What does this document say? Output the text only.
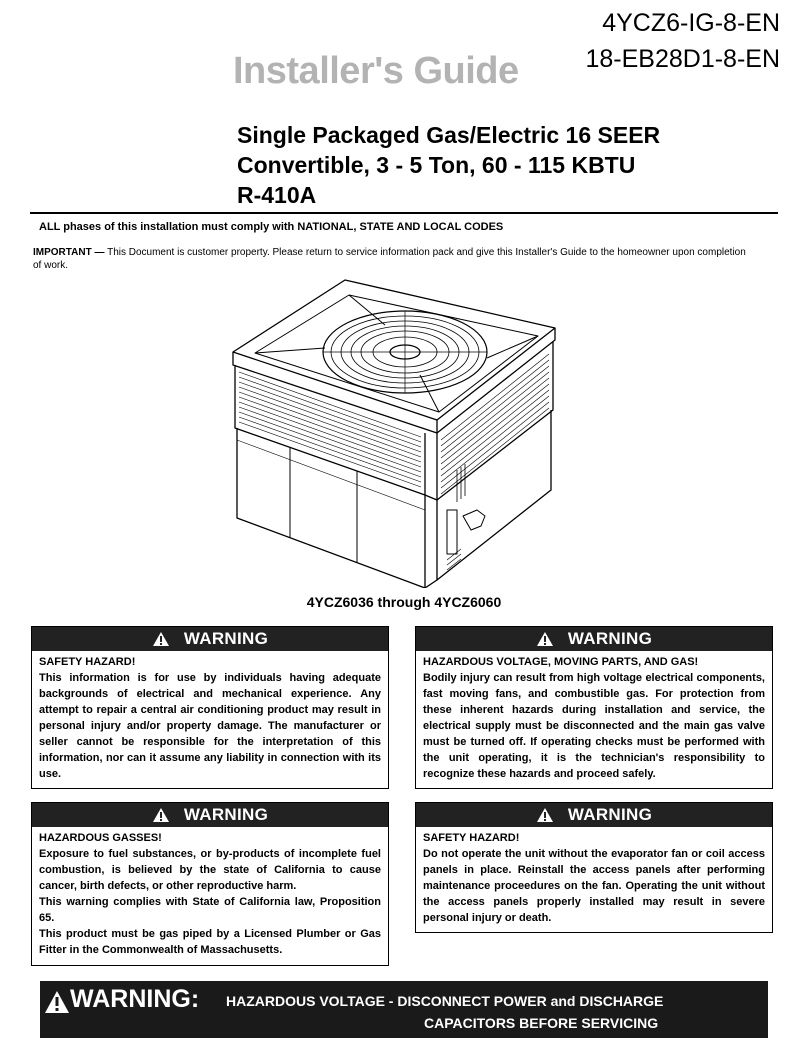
4YCZ6-IG-8-EN
18-EB28D1-8-EN
Installer's Guide
Single Packaged Gas/Electric 16 SEER
Convertible, 3 - 5 Ton, 60 - 115 KBTU
R-410A
ALL phases of this installation must comply with NATIONAL, STATE AND LOCAL CODES
IMPORTANT — This Document is customer property. Please return to service information pack and give this Installer's Guide to the homeowner upon completion of work.
4YCZ6036 through 4YCZ6060
WARNING

SAFETY HAZARD!

This information is for use by individuals having adequate backgrounds of electrical and mechanical experience. Any attempt to repair a central air conditioning product may result in personal injury and/or property damage. The manufacturer or seller cannot be responsible for the interpretation of this information, nor can it assume any liability in connection with its use.

WARNING

HAZARDOUS VOLTAGE, MOVING PARTS, AND GAS!

Bodily injury can result from high voltage electrical components, fast moving fans, and combustible gas. For protection from these inherent hazards during installation and service, the electrical supply must be disconnected and the main gas valve must be turned off. If operating checks must be performed with the unit operating, it is the technician's responsibility to recognize these hazards and proceed safely.

WARNING

HAZARDOUS GASSES!

Exposure to fuel substances, or by-products of incomplete fuel combustion, is believed by the state of California to cause cancer, birth defects, or other reproductive harm.

This warning complies with State of California law, Proposition 65.

This product must be gas piped by a Licensed Plumber or Gas Fitter in the Commonwealth of Massachusetts.

WARNING

SAFETY HAZARD!

Do not operate the unit without the evaporator fan or coil access panels in place. Reinstall the access panels after performing maintenance proceedures on the fan. Operating the unit without the access panels properly installed may result in severe personal injury or death.

WARNING: HAZARDOUS VOLTAGE - DISCONNECT POWER and DISCHARGE
CAPACITORS BEFORE SERVICING
